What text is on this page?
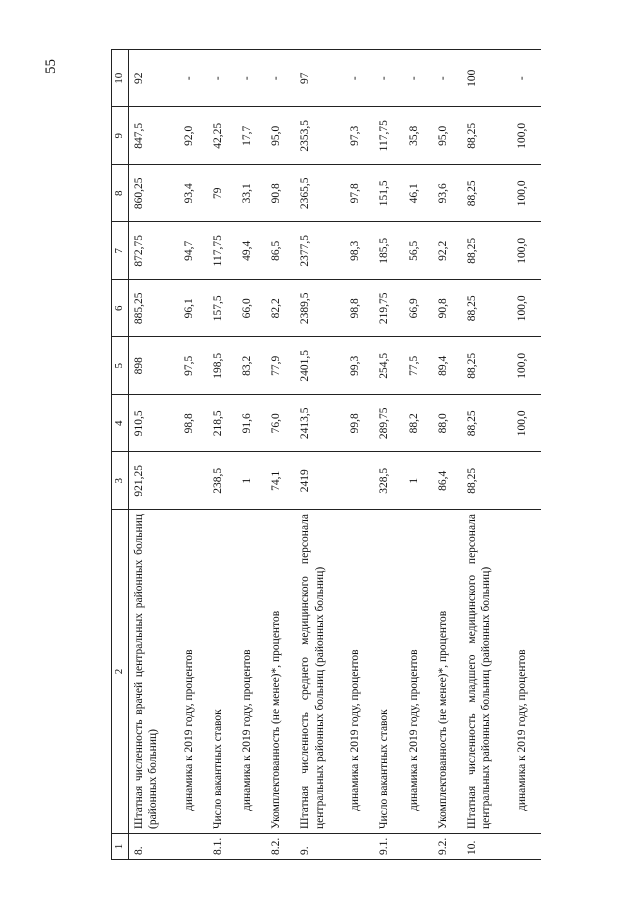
55
1	2	3	4	5	6	7	8	9	10
8.	Штатная численность врачей центральных районных больниц (районных больниц)	921,25	910,5	898	885,25	872,75	860,25	847,5	92
	динамика к 2019 году, процентов		98,8	97,5	96,1	94,7	93,4	92,0	-
8.1.	Число вакантных ставок	238,5	218,5	198,5	157,5	117,75	79	42,25	-
	динамика к 2019 году, процентов	1	91,6	83,2	66,0	49,4	33,1	17,7	-
8.2.	Укомплектованность (не менее)*, процентов	74,1	76,0	77,9	82,2	86,5	90,8	95,0	-
9.	Штатная численность среднего медицинского персонала центральных районных больниц (районных больниц)	2419	2413,5	2401,5	2389,5	2377,5	2365,5	2353,5	97
	динамика к 2019 году, процентов		99,8	99,3	98,8	98,3	97,8	97,3	-
9.1.	Число вакантных ставок	328,5	289,75	254,5	219,75	185,5	151,5	117,75	-
	динамика к 2019 году, процентов	1	88,2	77,5	66,9	56,5	46,1	35,8	-
9.2.	Укомплектованность (не менее)*, процентов	86,4	88,0	89,4	90,8	92,2	93,6	95,0	-
10.	Штатная численность младшего медицинского персонала центральных районных больниц (районных больниц)	88,25	88,25	88,25	88,25	88,25	88,25	88,25	100
	динамика к 2019 году, процентов		100,0	100,0	100,0	100,0	100,0	100,0	-
